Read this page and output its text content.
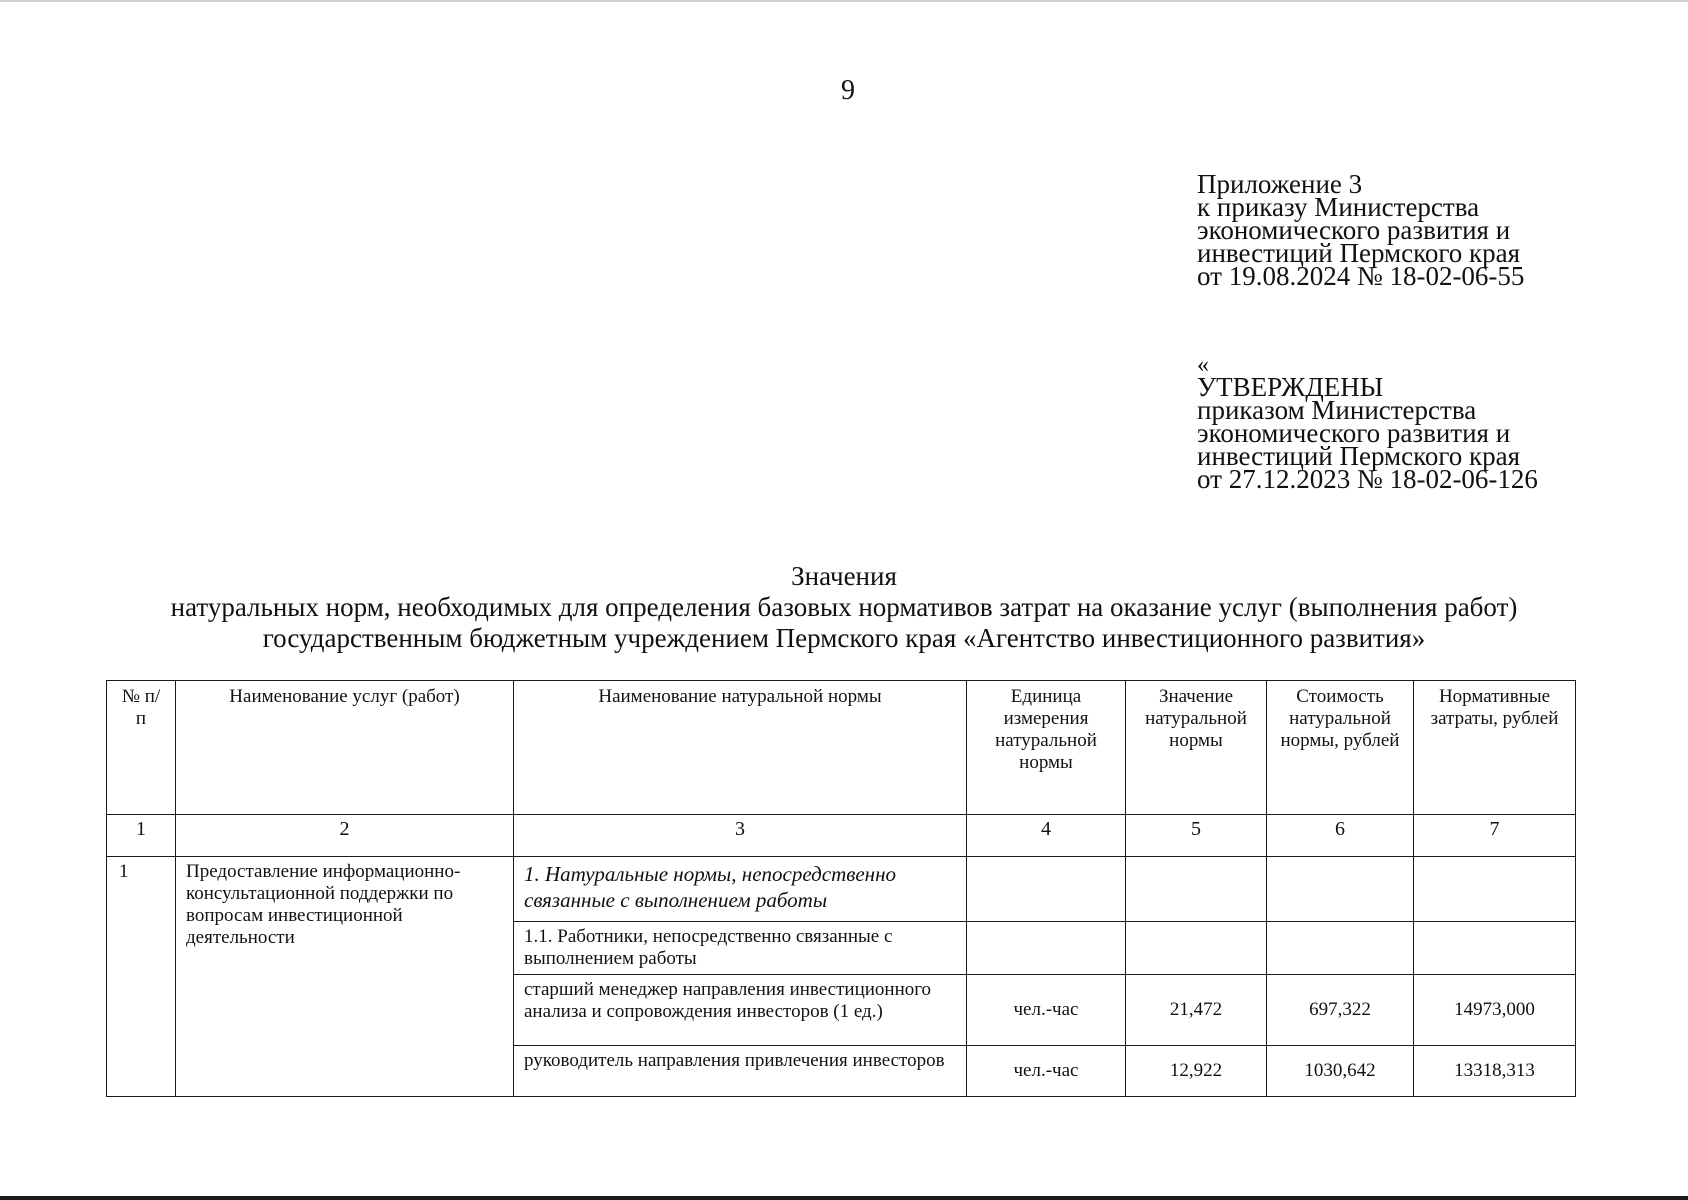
9
Приложение 3
к приказу Министерства
экономического развития и
инвестиций Пермского края
от 19.08.2024 № 18-02-06-55
«
УТВЕРЖДЕНЫ
приказом Министерства
экономического развития и
инвестиций Пермского края
от 27.12.2023 № 18-02-06-126
Значения
натуральных норм, необходимых для определения базовых нормативов затрат на оказание услуг (выполнения работ)
государственным бюджетным учреждением Пермского края «Агентство инвестиционного развития»
№ п/п	Наименование услуг (работ)	Наименование натуральной нормы	Единица измерения натуральной нормы	Значение натуральной нормы	Стоимость натуральной нормы, рублей	Нормативные затраты, рублей
1	2	3	4	5	6	7
1	Предоставление информационно-консультационной поддержки по вопросам инвестиционной деятельности	1. Натуральные нормы, непосредственно связанные с выполнением работы				
		1.1. Работники, непосредственно связанные с выполнением работы				
		старший менеджер направления инвестиционного анализа и сопровождения инвесторов (1 ед.)	чел.-час	21,472	697,322	14973,000
		руководитель направления привлечения инвесторов	чел.-час	12,922	1030,642	13318,313
